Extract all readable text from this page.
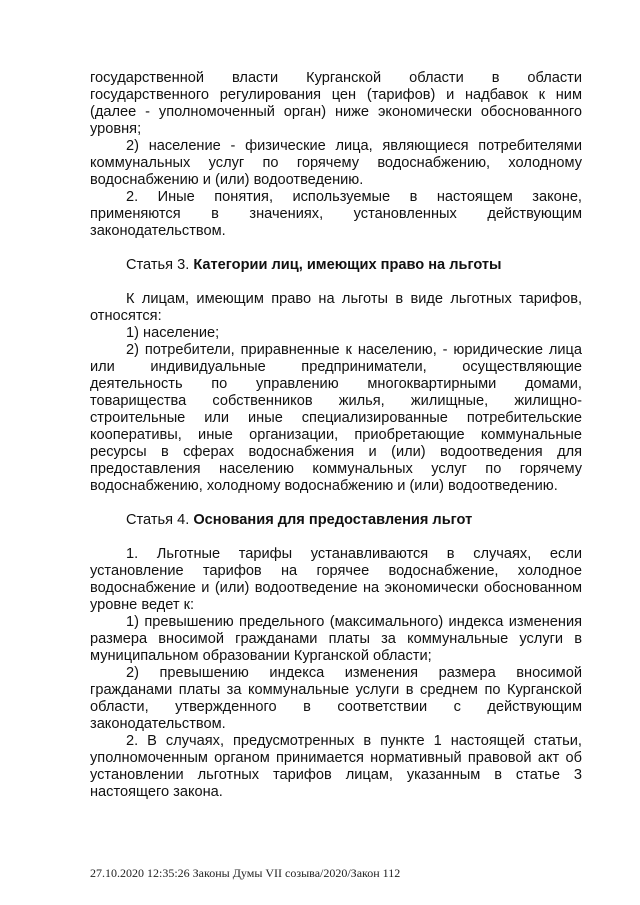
государственной власти Курганской области в области государственного регулирования цен (тарифов) и надбавок к ним (далее - уполномоченный орган) ниже экономически обоснованного уровня;

2) население - физические лица, являющиеся потребителями коммунальных услуг по горячему водоснабжению, холодному водоснабжению и (или) водоотведению.

2. Иные понятия, используемые в настоящем законе, применяются в значениях, установленных действующим законодательством.

Статья 3. Категории лиц, имеющих право на льготы

К лицам, имеющим право на льготы в виде льготных тарифов, относятся:

1) население;

2) потребители, приравненные к населению, - юридические лица или индивидуальные предприниматели, осуществляющие деятельность по управлению многоквартирными домами, товарищества собственников жилья, жилищные, жилищно-строительные или иные специализированные потребительские кооперативы, иные организации, приобретающие коммунальные ресурсы в сферах водоснабжения и (или) водоотведения для предоставления населению коммунальных услуг по горячему водоснабжению, холодному водоснабжению и (или) водоотведению.

Статья 4. Основания для предоставления льгот

1. Льготные тарифы устанавливаются в случаях, если установление тарифов на горячее водоснабжение, холодное водоснабжение и (или) водоотведение на экономически обоснованном уровне ведет к:

1) превышению предельного (максимального) индекса изменения размера вносимой гражданами платы за коммунальные услуги в муниципальном образовании Курганской области;

2) превышению индекса изменения размера вносимой гражданами платы за коммунальные услуги в среднем по Курганской области, утвержденного в соответствии с действующим законодательством.

2. В случаях, предусмотренных в пункте 1 настоящей статьи, уполномоченным органом принимается нормативный правовой акт об установлении льготных тарифов лицам, указанным в статье 3 настоящего закона.

27.10.2020 12:35:26 Законы Думы VII созыва/2020/Закон 112
